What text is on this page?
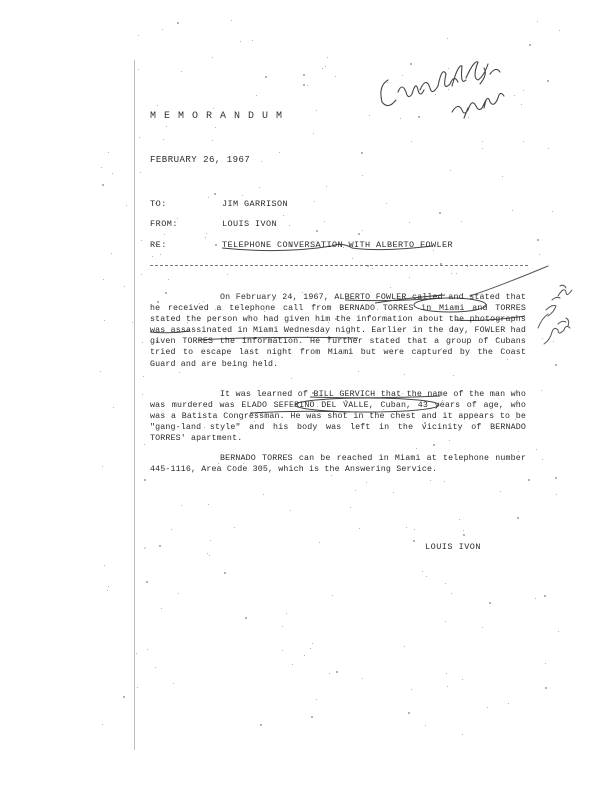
MEMORANDUM
FEBRUARY 26, 1967
TO:	JIM GARRISON
FROM:	LOUIS IVON
RE:	TELEPHONE CONVERSATION WITH ALBERTO FOWLER
On February 24, 1967, ALBERTO FOWLER called and stated that he received a telephone call from BERNADO TORRES in Miami and TORRES stated the person who had given him the information about the photographs was assassinated in Miami Wednesday night. Earlier in the day, FOWLER had given TORRES the information. He further stated that a group of Cubans tried to escape last night from Miami but were captured by the Coast Guard and are being held.
It was learned of BILL GERVICH that the name of the man who was murdered was ELADO SEFERINO DEL VALLE, Cuban, 43 years of age, who was a Batista Congressman. He was shot in the chest and it appears to be "gang-land style" and his body was left in the vicinity of BERNADO TORRES' apartment.
BERNADO TORRES can be reached in Miami at telephone number 445-1116, Area Code 305, which is the Answering Service.
LOUIS IVON
